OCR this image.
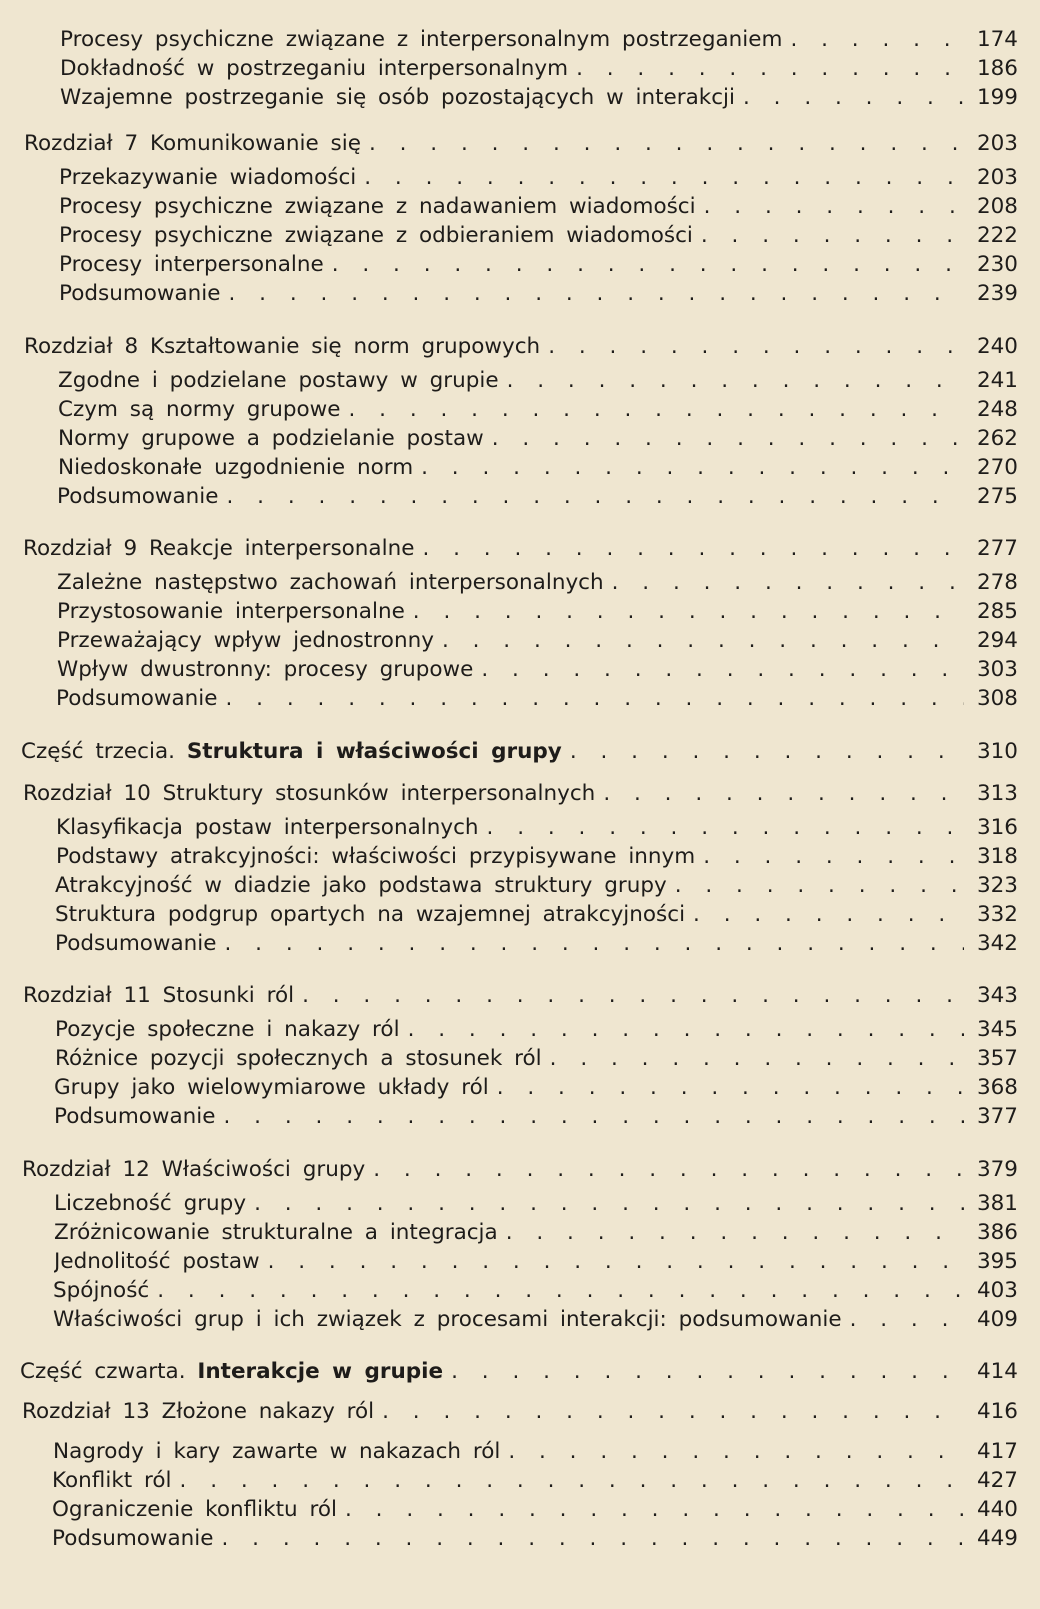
Procesy psychiczne związane z interpersonalnym postrzeganiem . . .	174
Dokładność w postrzeganiu interpersonalnym . . .	186
Wzajemne postrzeganie się osób pozostających w interakcji . . .	199
Rozdział 7 Komunikowanie się . . .	203
Przekazywanie wiadomości . . .	203
Procesy psychiczne związane z nadawaniem wiadomości . . .	208
Procesy psychiczne związane z odbieraniem wiadomości . . .	222
Procesy interpersonalne . . .	230
Podsumowanie . . .	239
Rozdział 8 Kształtowanie się norm grupowych . . .	240
Zgodne i podzielane postawy w grupie . . .	241
Czym są normy grupowe . . .	248
Normy grupowe a podzielanie postaw . . .	262
Niedoskonałe uzgodnienie norm . . .	270
Podsumowanie . . .	275
Rozdział 9 Reakcje interpersonalne . . .	277
Zależne następstwo zachowań interpersonalnych . . .	278
Przystosowanie interpersonalne . . .	285
Przeważający wpływ jednostronny . . .	294
Wpływ dwustronny: procesy grupowe . . .	303
Podsumowanie . . .	308
Część trzecia. Struktura i właściwości grupy . . .	310
Rozdział 10 Struktury stosunków interpersonalnych . . .	313
Klasyfikacja postaw interpersonalnych . . .	316
Podstawy atrakcyjności: właściwości przypisywane innym . . .	318
Atrakcyjność w diadzie jako podstawa struktury grupy . . .	323
Struktura podgrup opartych na wzajemnej atrakcyjności . . .	332
Podsumowanie . . .	342
Rozdział 11 Stosunki ról . . .	343
Pozycje społeczne i nakazy ról . . .	345
Różnice pozycji społecznych a stosunek ról . . .	357
Grupy jako wielowymiarowe układy ról . . .	368
Podsumowanie . . .	377
Rozdział 12 Właściwości grupy . . .	379
Liczebność grupy . . .	381
Zróżnicowanie strukturalne a integracja . . .	386
Jednolitość postaw . . .	395
Spójność . . .	403
Właściwości grup i ich związek z procesami interakcji: podsumowanie . . .	409
Część czwarta. Interakcje w grupie . . .	414
Rozdział 13 Złożone nakazy ról . . .	416
Nagrody i kary zawarte w nakazach ról . . .	417
Konflikt ról . . .	427
Ograniczenie konfliktu ról . . .	440
Podsumowanie . . .	449
